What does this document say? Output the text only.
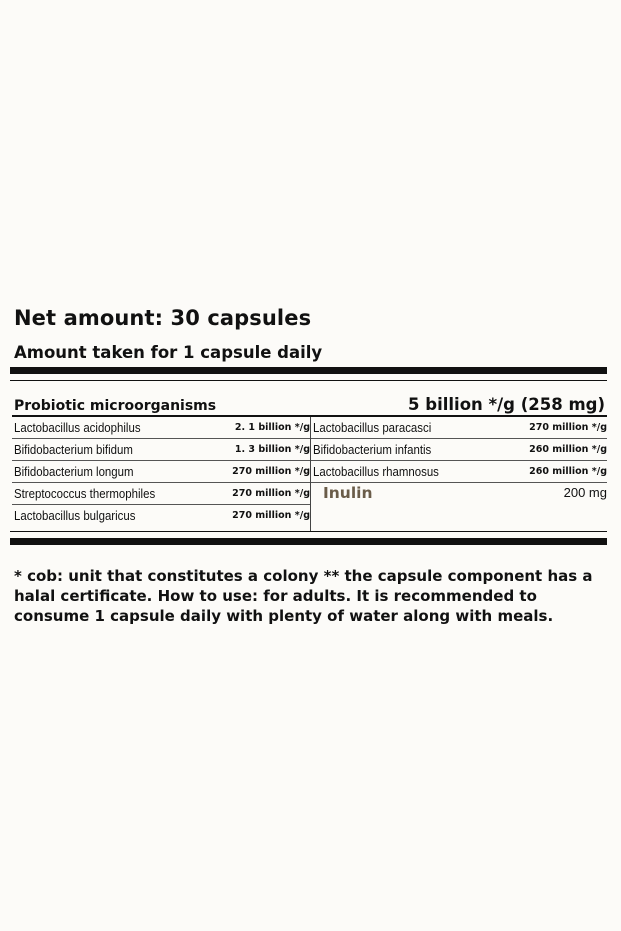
Net amount: 30 capsules
Amount taken for 1 capsule daily
Probiotic microorganisms	5 billion */g (258 mg)
Lactobacillus acidophilus	2. 1 billion */g
Bifidobacterium bifidum	1. 3 billion */g
Bifidobacterium longum	270 million */g
Streptococcus thermophiles	270 million */g
Lactobacillus bulgaricus	270 million */g
Lactobacillus paracasci	270 million */g
Bifidobacterium infantis	260 million */g
Lactobacillus rhamnosus	260 million */g
Inulin	200 mg
* cob: unit that constitutes a colony ** the capsule component has a halal certificate. How to use: for adults. It is recommended to consume 1 capsule daily with plenty of water along with meals.
